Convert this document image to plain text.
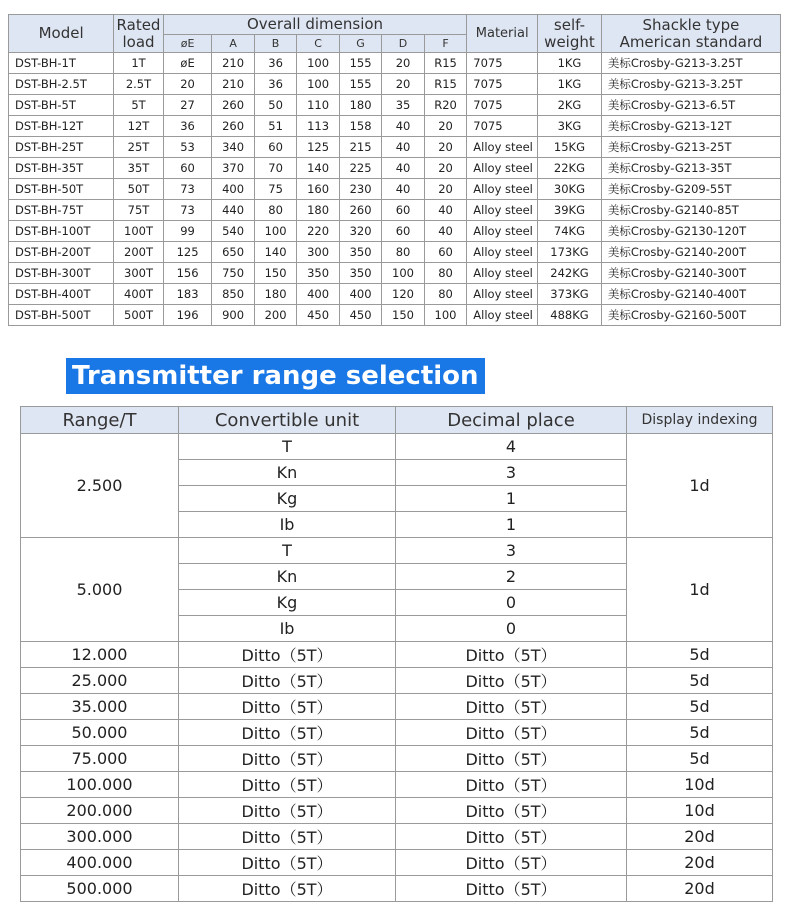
Model	Rated load	Overall dimension							Material	self-weight	Shackle type
American standard

		øE	A	B	C	G	D	F			
DST-BH-1T	1T	øE	210	36	100	155	20	R15	7075	1KG	美标Crosby-G213-3.25T
DST-BH-2.5T	2.5T	20	210	36	100	155	20	R15	7075	1KG	美标Crosby-G213-3.25T
DST-BH-5T	5T	27	260	50	110	180	35	R20	7075	2KG	美标Crosby-G213-6.5T
DST-BH-12T	12T	36	260	51	113	158	40	20	7075	3KG	美标Crosby-G213-12T
DST-BH-25T	25T	53	340	60	125	215	40	20	Alloy steel	15KG	美标Crosby-G213-25T
DST-BH-35T	35T	60	370	70	140	225	40	20	Alloy steel	22KG	美标Crosby-G213-35T
DST-BH-50T	50T	73	400	75	160	230	40	20	Alloy steel	30KG	美标Crosby-G209-55T
DST-BH-75T	75T	73	440	80	180	260	60	40	Alloy steel	39KG	美标Crosby-G2140-85T
DST-BH-100T	100T	99	540	100	220	320	60	40	Alloy steel	74KG	美标Crosby-G2130-120T
DST-BH-200T	200T	125	650	140	300	350	80	60	Alloy steel	173KG	美标Crosby-G2140-200T
DST-BH-300T	300T	156	750	150	350	350	100	80	Alloy steel	242KG	美标Crosby-G2140-300T
DST-BH-400T	400T	183	850	180	400	400	120	80	Alloy steel	373KG	美标Crosby-G2140-400T
DST-BH-500T	500T	196	900	200	450	450	150	100	Alloy steel	488KG	美标Crosby-G2160-500T
Transmitter range selection
Range/T	Convertible unit	Decimal place	Display indexing
2.500	T	4	1d
	Kn	3	
	Kg	1	
	Ib	1	
5.000	T	3	1d
	Kn	2	
	Kg	0	
	Ib	0	
12.000	Ditto（5T）	Ditto（5T）	5d
25.000	Ditto（5T）	Ditto（5T）	5d
35.000	Ditto（5T）	Ditto（5T）	5d
50.000	Ditto（5T）	Ditto（5T）	5d
75.000	Ditto（5T）	Ditto（5T）	5d
100.000	Ditto（5T）	Ditto（5T）	10d
200.000	Ditto（5T）	Ditto（5T）	10d
300.000	Ditto（5T）	Ditto（5T）	20d
400.000	Ditto（5T）	Ditto（5T）	20d
500.000	Ditto（5T）	Ditto（5T）	20d
